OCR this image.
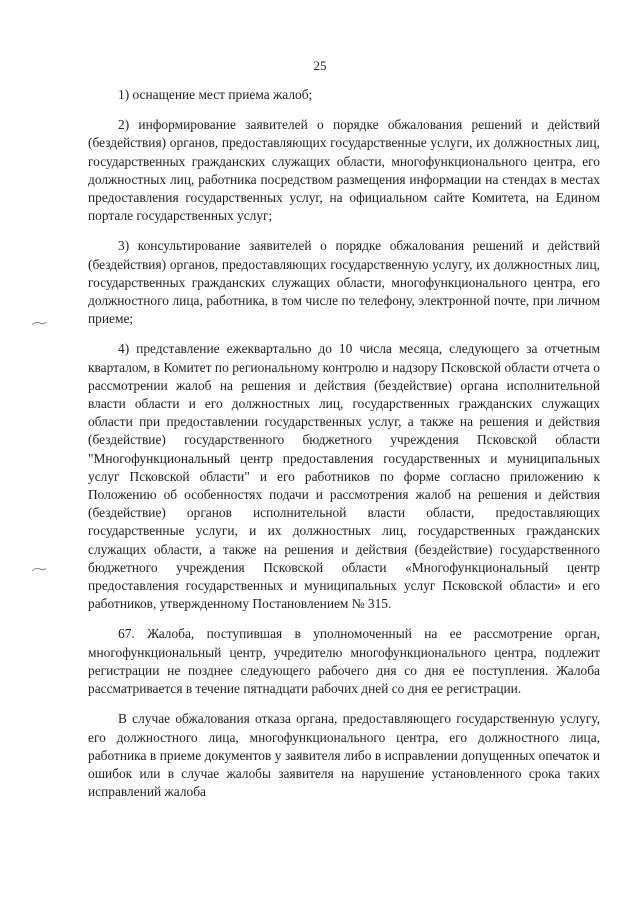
25

1) оснащение мест приема жалоб;

2) информирование заявителей о порядке обжалования решений и действий (бездействия) органов, предоставляющих государственные услуги, их должностных лиц, государственных гражданских служащих области, многофункционального центра, его должностных лиц, работника посредством размещения информации на стендах в местах предоставления государственных услуг, на официальном сайте Комитета, на Едином портале государственных услуг;

3) консультирование заявителей о порядке обжалования решений и действий (бездействия) органов, предоставляющих государственную услугу, их должностных лиц, государственных гражданских служащих области, многофункционального центра, его должностного лица, работника, в том числе по телефону, электронной почте, при личном приеме;

4) представление ежеквартально до 10 числа месяца, следующего за отчетным кварталом, в Комитет по региональному контролю и надзору Псковской области отчета о рассмотрении жалоб на решения и действия (бездействие) органа исполнительной власти области и его должностных лиц, государственных гражданских служащих области при предоставлении государственных услуг, а также на решения и действия (бездействие) государственного бюджетного учреждения Псковской области "Многофункциональный центр предоставления государственных и муниципальных услуг Псковской области" и его работников по форме согласно приложению к Положению об особенностях подачи и рассмотрения жалоб на решения и действия (бездействие) органов исполнительной власти области, предоставляющих государственные услуги, и их должностных лиц, государственных гражданских служащих области, а также на решения и действия (бездействие) государственного бюджетного учреждения Псковской области «Многофункциональный центр предоставления государственных и муниципальных услуг Псковской области» и его работников, утвержденному Постановлением № 315.

67. Жалоба, поступившая в уполномоченный на ее рассмотрение орган, многофункциональный центр, учредителю многофункционального центра, подлежит регистрации не позднее следующего рабочего дня со дня ее поступления. Жалоба рассматривается в течение пятнадцати рабочих дней со дня ее регистрации.

В случае обжалования отказа органа, предоставляющего государственную услугу, его должностного лица, многофункционального центра, его должностного лица, работника в приеме документов у заявителя либо в исправлении допущенных опечаток и ошибок или в случае жалобы заявителя на нарушение установленного срока таких исправлений жалоба
